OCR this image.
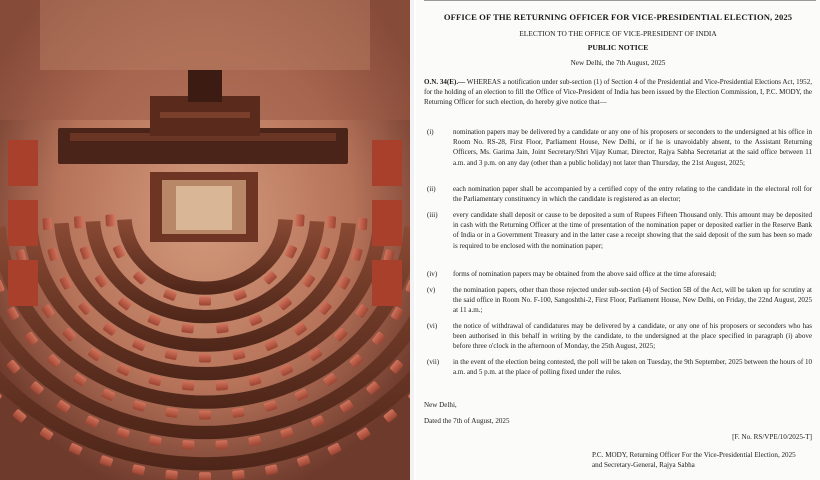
OFFICE OF THE RETURNING OFFICER FOR VICE-PRESIDENTIAL ELECTION, 2025
ELECTION TO THE OFFICE OF VICE-PRESIDENT OF INDIA
PUBLIC NOTICE
New Delhi, the 7th August, 2025
O.N. 34(E).— WHEREAS a notification under sub-section (1) of Section 4 of the Presidential and Vice-Presidential Elections Act, 1952, for the holding of an election to fill the Office of Vice-President of India has been issued by the Election Commission, I, P.C. MODY, the Returning Officer for such election, do hereby give notice that—
(i)	nomination papers may be delivered by a candidate or any one of his proposers or seconders to the undersigned at his office in Room No. RS-28, First Floor, Parliament House, New Delhi, or if he is unavoidably absent, to the Assistant Returning Officers, Ms. Garima Jain, Joint Secretary/Shri Vijay Kumar, Director, Rajya Sabha Secretariat at the said office between 11 a.m. and 3 p.m. on any day (other than a public holiday) not later than Thursday, the 21st August, 2025;
(ii)	each nomination paper shall be accompanied by a certified copy of the entry relating to the candidate in the electoral roll for the Parliamentary constituency in which the candidate is registered as an elector;
(iii)	every candidate shall deposit or cause to be deposited a sum of Rupees Fifteen Thousand only. This amount may be deposited in cash with the Returning Officer at the time of presentation of the nomination paper or deposited earlier in the Reserve Bank of India or in a Government Treasury and in the latter case a receipt showing that the said deposit of the sum has been so made is required to be enclosed with the nomination paper;
(iv)	forms of nomination papers may be obtained from the above said office at the time aforesaid;
(v)	the nomination papers, other than those rejected under sub-section (4) of Section 5B of the Act, will be taken up for scrutiny at the said office in Room No. F-100, Sangoshthi-2, First Floor, Parliament House, New Delhi, on Friday, the 22nd August, 2025 at 11 a.m.;
(vi)	the notice of withdrawal of candidatures may be delivered by a candidate, or any one of his proposers or seconders who has been authorised in this behalf in writing by the candidate, to the undersigned at the place specified in paragraph (i) above before three o'clock in the afternoon of Monday, the 25th August, 2025;
(vii)	in the event of the election being contested, the poll will be taken on Tuesday, the 9th September, 2025 between the hours of 10 a.m. and 5 p.m. at the place of polling fixed under the rules.
New Delhi,
Dated the 7th of August, 2025
[F. No. RS/VPE/10/2025-T]
P.C. MODY, Returning Officer For the Vice-Presidential Election, 2025
and Secretary-General, Rajya Sabha
